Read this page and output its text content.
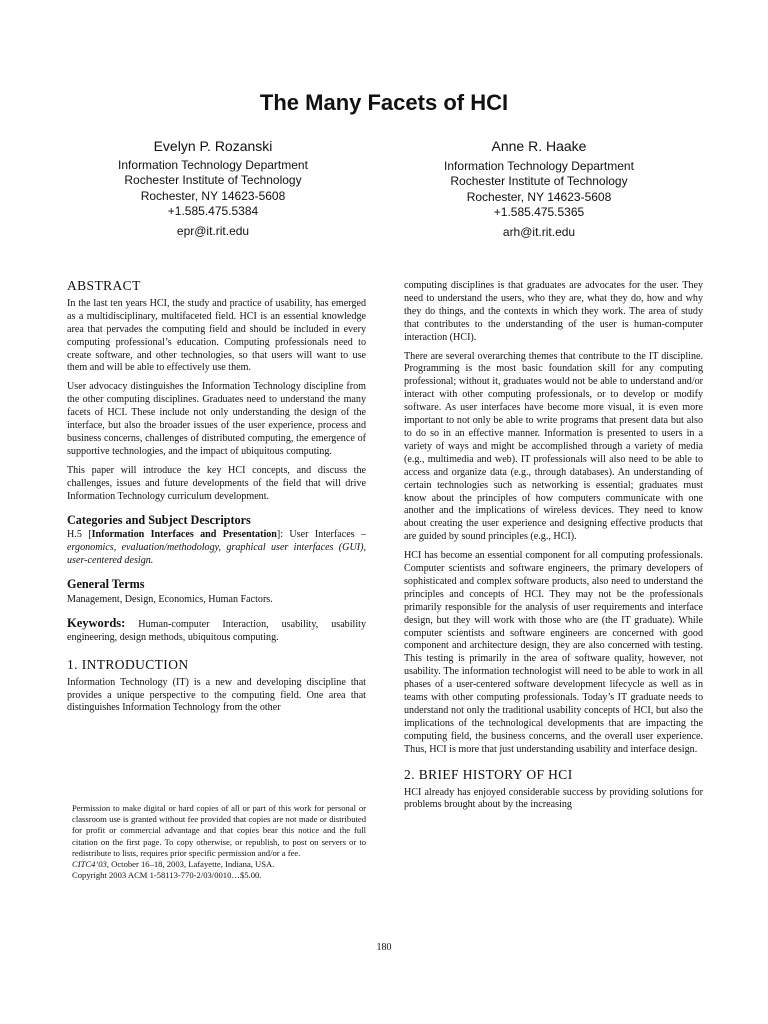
The Many Facets of HCI
Evelyn P. Rozanski
Information Technology Department
Rochester Institute of Technology
Rochester, NY 14623-5608
+1.585.475.5384
epr@it.rit.edu
Anne R. Haake
Information Technology Department
Rochester Institute of Technology
Rochester, NY 14623-5608
+1.585.475.5365
arh@it.rit.edu
ABSTRACT

In the last ten years HCI, the study and practice of usability, has emerged as a multidisciplinary, multifaceted field. HCI is an essential knowledge area that pervades the computing field and should be included in every computing professional’s education. Computing professionals need to create software, and other technologies, so that users will want to use them and will be able to effectively use them.

User advocacy distinguishes the Information Technology discipline from the other computing disciplines. Graduates need to understand the many facets of HCI. These include not only understanding the design of the interface, but also the broader issues of the user experience, process and business concerns, challenges of distributed computing, the emergence of supportive technologies, and the impact of ubiquitous computing.

This paper will introduce the key HCI concepts, and discuss the challenges, issues and future developments of the field that will drive Information Technology curriculum development.

Categories and Subject Descriptors

H.5 [Information Interfaces and Presentation]: User Interfaces – ergonomics, evaluation/methodology, graphical user interfaces (GUI), user-centered design.

General Terms

Management, Design, Economics, Human Factors.

Keywords: Human-computer Interaction, usability, usability engineering, design methods, ubiquitous computing.

1. INTRODUCTION

Information Technology (IT) is a new and developing discipline that provides a unique perspective to the computing field. One area that distinguishes Information Technology from the other

Permission to make digital or hard copies of all or part of this work for personal or classroom use is granted without fee provided that copies are not made or distributed for profit or commercial advantage and that copies bear this notice and the full citation on the first page. To copy otherwise, or republish, to post on servers or to redistribute to lists, requires prior specific permission and/or a fee.

CITC4’03, October 16–18, 2003, Lafayette, Indiana, USA.
Copyright 2003 ACM 1-58113-770-2/03/0010…$5.00.

computing disciplines is that graduates are advocates for the user. They need to understand the users, who they are, what they do, how and why they do things, and the contexts in which they work. The area of study that contributes to the understanding of the user is human-computer interaction (HCI).

There are several overarching themes that contribute to the IT discipline. Programming is the most basic foundation skill for any computing professional; without it, graduates would not be able to understand and/or interact with other computing professionals, or to develop or modify software. As user interfaces have become more visual, it is even more important to not only be able to write programs that present data but also to do so in an effective manner. Information is presented to users in a variety of ways and might be accomplished through a variety of media (e.g., multimedia and web). IT professionals will also need to be able to access and organize data (e.g., through databases). An understanding of certain technologies such as networking is essential; graduates must know about the principles of how computers communicate with one another and the implications of wireless devices. They need to know about creating the user experience and designing effective products that are guided by sound principles (e.g., HCI).

HCI has become an essential component for all computing professionals. Computer scientists and software engineers, the primary developers of sophisticated and complex software products, also need to understand the principles and concepts of HCI. They may not be the professionals primarily responsible for the analysis of user requirements and interface design, but they will work with those who are (the IT graduate). While computer scientists and software engineers are concerned with good component and architecture design, they are also concerned with testing. This testing is primarily in the area of software quality, however, not usability. The information technologist will need to be able to work in all phases of a user-centered software development lifecycle as well as in teams with other computing professionals. Today’s IT graduate needs to understand not only the traditional usability concepts of HCI, but also the implications of the technological developments that are impacting the computing field, the business concerns, and the overall user experience. Thus, HCI is more that just understanding usability and interface design.

2. BRIEF HISTORY OF HCI

HCI already has enjoyed considerable success by providing solutions for problems brought about by the increasing

180
